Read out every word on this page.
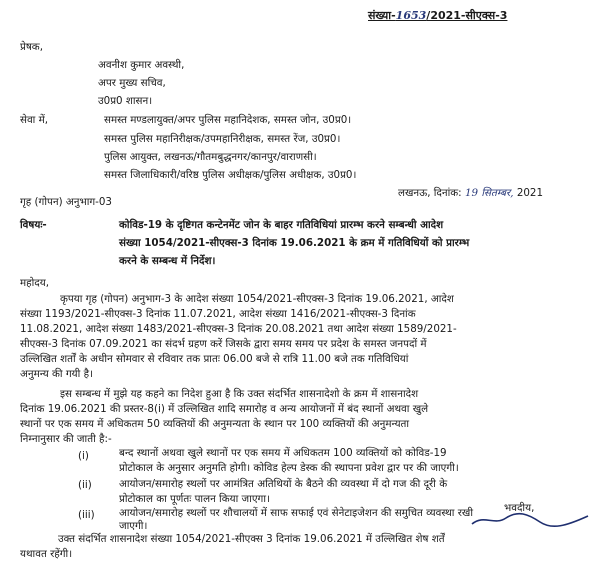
संख्या-1653/2021-सीएक्स-3
प्रेषक,
अवनीश कुमार अवस्थी,
अपर मुख्य सचिव,
उ0प्र0 शासन।
सेवा में,	समस्त मण्डलायुक्त/अपर पुलिस महानिदेशक, समस्त जोन, उ0प्र0।
समस्त पुलिस महानिरीक्षक/उपमहानिरीक्षक, समस्त रेंज, उ0प्र0।
पुलिस आयुक्त, लखनऊ/गौतमबुद्धनगर/कानपुर/वाराणसी।
समस्त जिलाधिकारी/वरिष्ठ पुलिस अधीक्षक/पुलिस अधीक्षक, उ0प्र0।
लखनऊ, दिनांक: 19 सितम्बर, 2021
गृह (गोपन) अनुभाग-03
विषयः-	कोविड-19 के दृष्टिगत कन्टेनमेंट जोन के बाहर गतिविधियां प्रारम्भ करने सम्बन्धी आदेश
संख्या 1054/2021-सीएक्स-3 दिनांक 19.06.2021 के क्रम में गतिविधियों को प्रारम्भ
करने के सम्बन्ध में निर्देश।
महोदय,
कृपया गृह (गोपन) अनुभाग-3 के आदेश संख्या 1054/2021-सीएक्स-3 दिनांक 19.06.2021, आदेश
संख्या 1193/2021-सीएक्स-3 दिनांक 11.07.2021, आदेश संख्या 1416/2021-सीएक्स-3 दिनांक
11.08.2021, आदेश संख्या 1483/2021-सीएक्स-3 दिनांक 20.08.2021 तथा आदेश संख्या 1589/2021-
सीएक्स-3 दिनांक 07.09.2021 का संदर्भ ग्रहण करें जिसके द्वारा समय समय पर प्रदेश के समस्त जनपदों में
उल्लिखित शर्तों के अधीन सोमवार से रविवार तक प्रातः 06.00 बजे से रात्रि 11.00 बजे तक गतिविधियां
अनुमन्य की गयी है।
इस सम्बन्ध में मुझे यह कहने का निदेश हुआ है कि उक्त संदर्भित शासनादेशो के क्रम में शासनादेश
दिनांक 19.06.2021 की प्रस्तर-8(i) में उल्लिखित शादि समारोह व अन्य आयोजनों में बंद स्थानों अथवा खुले
स्थानों पर एक समय में अधिकतम 50 व्यक्तियों की अनुमन्यता के स्थान पर 100 व्यक्तियों की अनुमन्यता
निम्नानुसार की जाती है:-
(i)	बन्द स्थानों अथवा खुले स्थानों पर एक समय में अधिकतम 100 व्यक्तियों को कोविड-19
प्रोटोकाल के अनुसार अनुमति होगी। कोविड हेल्प डेस्क की स्थापना प्रवेश द्वार पर की जाएगी।
(ii)	आयोजन/समारोह स्थलों पर आमंत्रित अतिथियों के बैठने की व्यवस्था में दो गज की दूरी के
प्रोटोकाल का पूर्णतः पालन किया जाएगा।
(iii) आयोजन/समारोह स्थलों पर शौचालयों में साफ सफाई एवं सेनेटाइजेशन की समुचित व्यवस्था रखी
जाएगी।
उक्त संदर्भित शासनादेश संख्या 1054/2021-सीएक्स 3 दिनांक 19.06.2021 में उल्लिखित शेष शर्तें
यथावत रहेंगी।
भवदीय,
